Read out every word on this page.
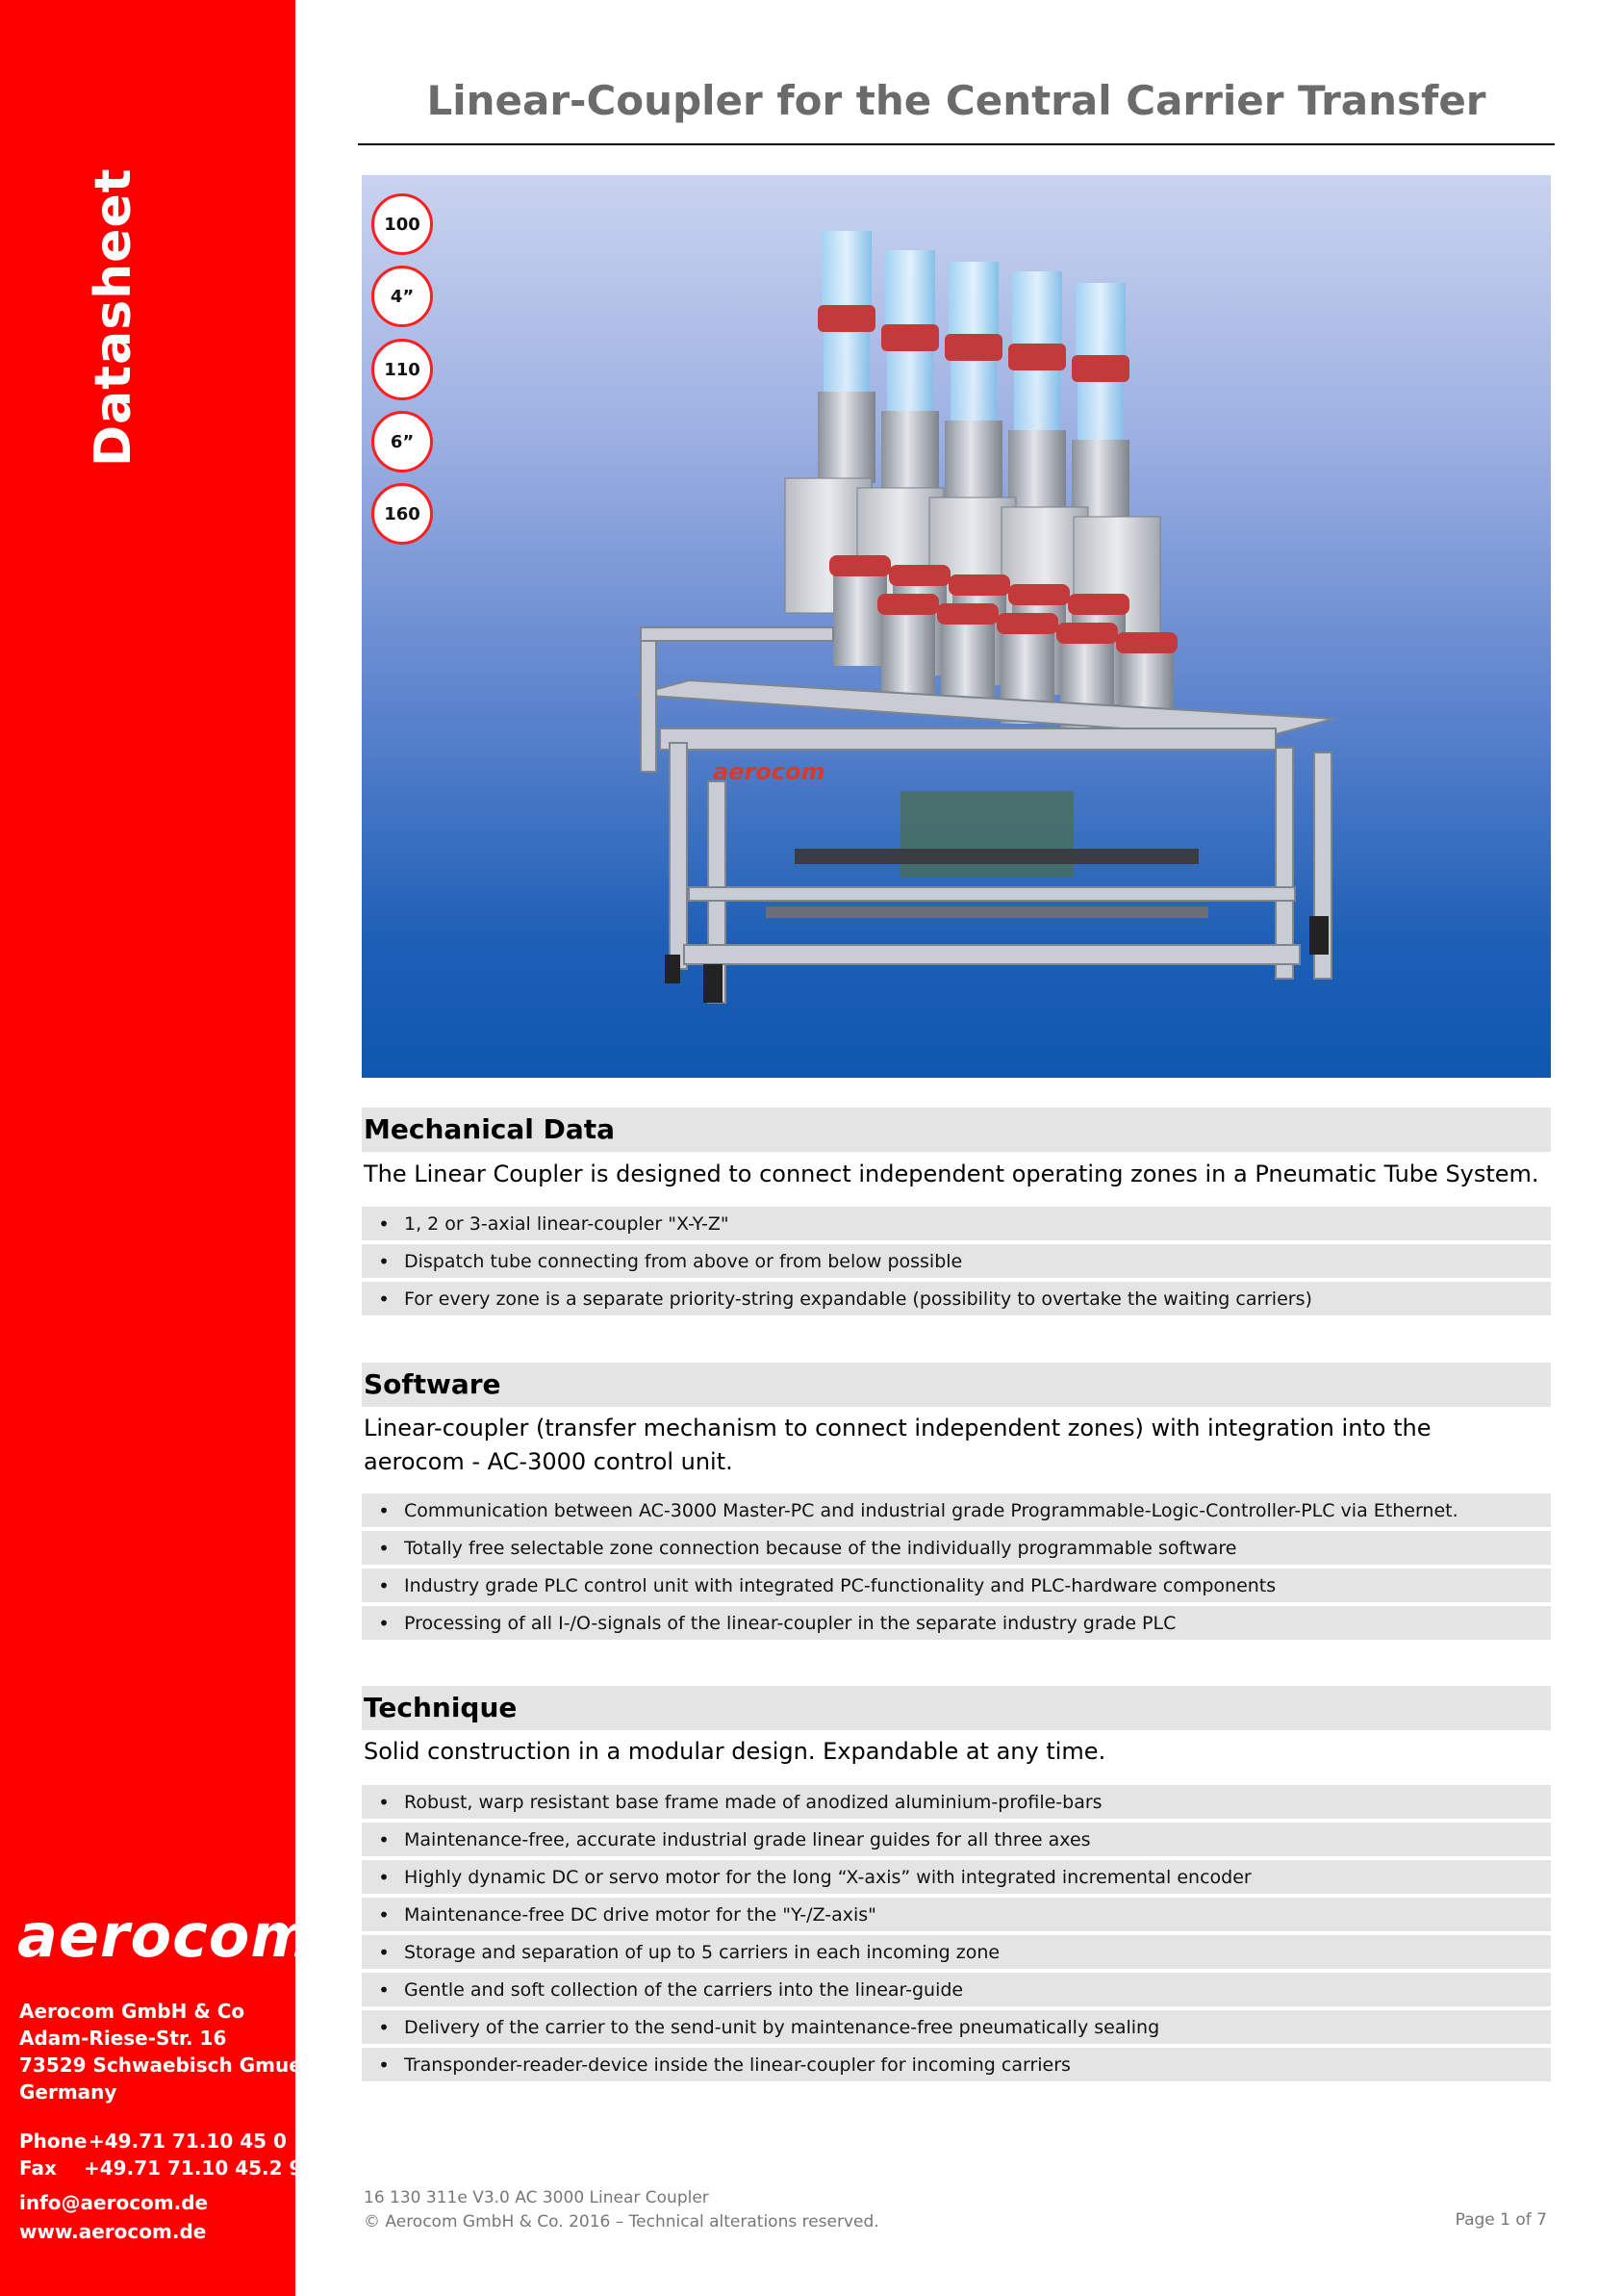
Datasheet
aerocom
Aerocom GmbH & Co
Adam-Riese-Str. 16
73529 Schwaebisch Gmuend
Germany
Phone+49.71 71.10 45 0
Fax +49.71 71.10 45.2 99
info@aerocom.de
www.aerocom.de
Linear-Coupler for the Central Carrier Transfer
aerocom
100
4”
110
6”
160
Mechanical Data
The Linear Coupler is designed to connect independent operating zones in a Pneumatic Tube System.
• 1, 2 or 3-axial linear-coupler "X-Y-Z"
• Dispatch tube connecting from above or from below possible
• For every zone is a separate priority-string expandable (possibility to overtake the waiting carriers)
Software
Linear-coupler (transfer mechanism to connect independent zones) with integration into the
aerocom - AC-3000 control unit.
• Communication between AC-3000 Master-PC and industrial grade Programmable-Logic-Controller-PLC via Ethernet.
• Totally free selectable zone connection because of the individually programmable software
• Industry grade PLC control unit with integrated PC-functionality and PLC-hardware components
• Processing of all I-/O-signals of the linear-coupler in the separate industry grade PLC
Technique
Solid construction in a modular design. Expandable at any time.
• Robust, warp resistant base frame made of anodized aluminium-profile-bars
• Maintenance-free, accurate industrial grade linear guides for all three axes
• Highly dynamic DC or servo motor for the long “X-axis” with integrated incremental encoder
• Maintenance-free DC drive motor for the "Y-/Z-axis"
• Storage and separation of up to 5 carriers in each incoming zone
• Gentle and soft collection of the carriers into the linear-guide
• Delivery of the carrier to the send-unit by maintenance-free pneumatically sealing
• Transponder-reader-device inside the linear-coupler for incoming carriers
16 130 311e V3.0 AC 3000 Linear Coupler
© Aerocom GmbH & Co. 2016 – Technical alterations reserved.	Page 1 of 7
